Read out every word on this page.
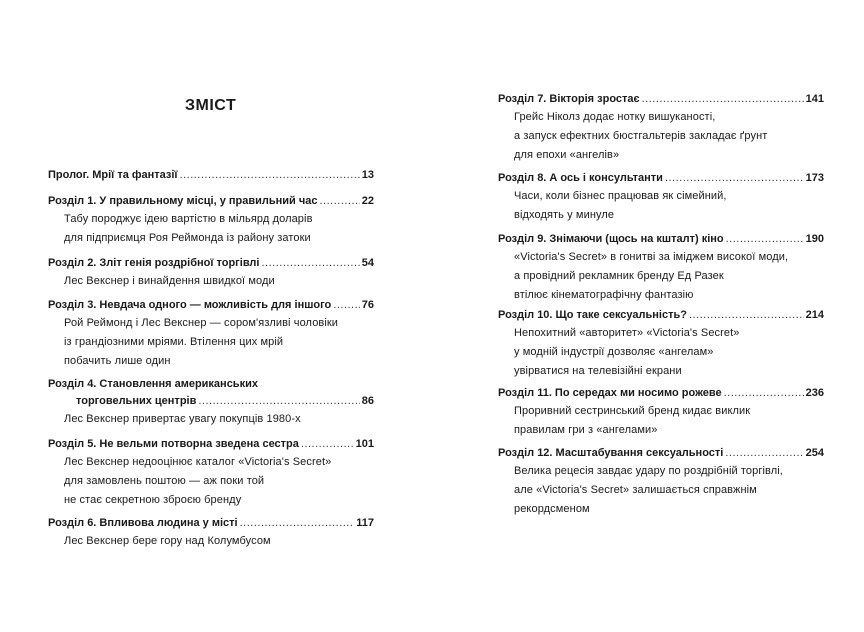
ЗМІСТ
Пролог. Мрії та фантазії .....	13
Розділ 1. У правильному місці, у правильний час .....	22
Табу породжує ідею вартістю в мільярд доларів
для підприємця Роя Реймонда із району затоки
Розділ 2. Зліт генія роздрібної торгівлі .....	54
Лес Векснер і винайдення швидкої моди
Розділ 3. Невдача одного — можливість для іншого .....	76
Рой Реймонд і Лес Векснер — сором'язливі чоловіки
із грандіозними мріями. Втілення цих мрій
побачить лише один
Розділ 4. Становлення американських
торговельних центрів .....	86
Лес Векснер привертає увагу покупців 1980-х
Розділ 5. Не вельми потворна зведена сестра .....	101
Лес Векснер недооцінює каталог «Victoria's Secret»
для замовлень поштою — аж поки той
не стає секретною зброєю бренду
Розділ 6. Впливова людина у місті .....	117
Лес Векснер бере гору над Колумбусом
Розділ 7. Вікторія зростає .....	141
Грейс Ніколз додає нотку вишуканості,
а запуск ефектних бюстгальтерів закладає ґрунт
для епохи «ангелів»
Розділ 8. А ось і консультанти .....	173
Часи, коли бізнес працював як сімейний,
відходять у минуле
Розділ 9. Знімаючи (щось на кшталт) кіно .....	190
«Victoria's Secret» в гонитві за іміджем високої моди,
а провідний рекламник бренду Ед Разек
втілює кінематографічну фантазію
Розділ 10. Що таке сексуальність? .....	214
Непохитний «авторитет» «Victoria's Secret»
у модній індустрії дозволяє «ангелам»
увірватися на телевізійні екрани
Розділ 11. По середах ми носимо рожеве .....	236
Проривний сестринський бренд кидає виклик
правилам гри з «ангелами»
Розділ 12. Масштабування сексуальності .....	254
Велика рецесія завдає удару по роздрібній торгівлі,
але «Victoria's Secret» залишається справжнім
рекордсменом
